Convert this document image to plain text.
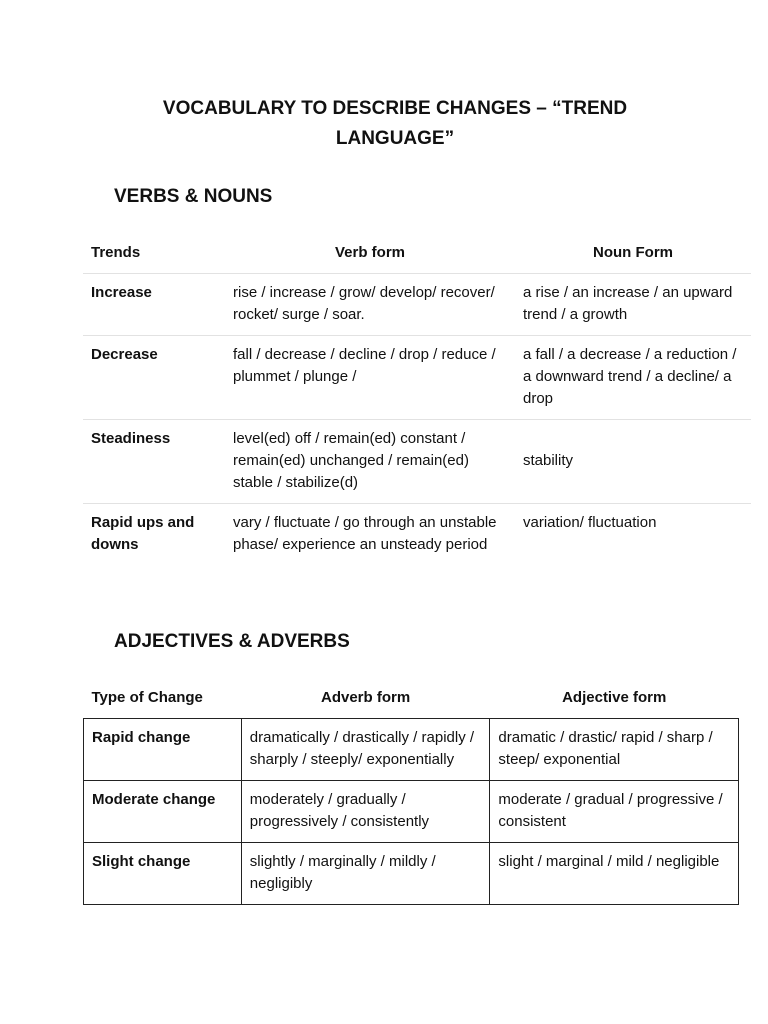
VOCABULARY TO DESCRIBE CHANGES – “TREND LANGUAGE”
VERBS & NOUNS
Trends	Verb form	Noun Form
Increase	rise / increase / grow/ develop/ recover/ rocket/ surge / soar.	a rise / an increase / an upward trend / a growth
Decrease	fall / decrease / decline / drop / reduce / plummet / plunge /	a fall / a decrease / a reduction / a downward trend / a decline/ a drop
Steadiness	level(ed) off / remain(ed) constant / remain(ed) unchanged / remain(ed) stable / stabilize(d)	stability
Rapid ups and downs	vary / fluctuate / go through an unstable phase/ experience an unsteady period	variation/ fluctuation
ADJECTIVES & ADVERBS
Type of Change	Adverb form	Adjective form
Rapid change	dramatically / drastically / rapidly / sharply / steeply/ exponentially	dramatic / drastic/ rapid / sharp / steep/ exponential
Moderate change	moderately / gradually / progressively / consistently	moderate / gradual / progressive / consistent
Slight change	slightly / marginally / mildly / negligibly	slight / marginal / mild / negligible
